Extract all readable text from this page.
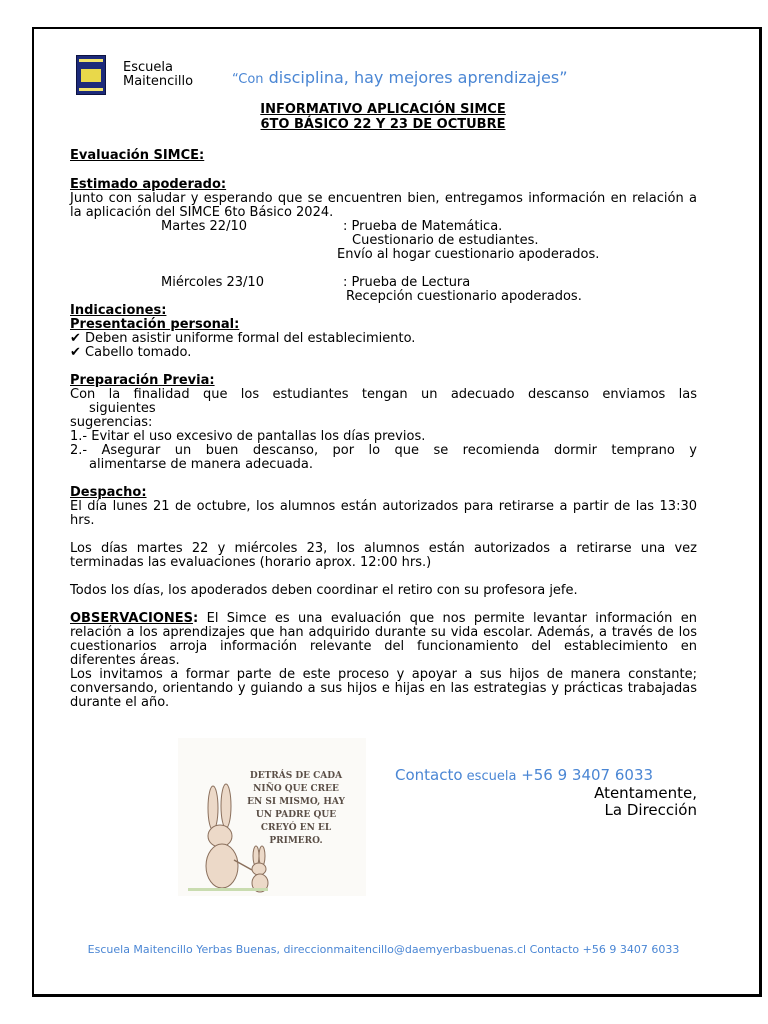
Escuela
Maitencillo	“Con disciplina, hay mejores aprendizajes”
INFORMATIVO APLICACIÓN SIMCE
6TO BÁSICO 22 Y 23 DE OCTUBRE
Evaluación SIMCE:
Estimado apoderado:
Junto con saludar y esperando que se encuentren bien, entregamos información en relación a la aplicación del SIMCE 6to Básico 2024.
Martes 22/10	: Prueba de Matemática.
Cuestionario de estudiantes.
Envío al hogar cuestionario apoderados.
Miércoles 23/10	: Prueba de Lectura
Recepción cuestionario apoderados.
Indicaciones:
Presentación personal:
✔ Deben asistir uniforme formal del establecimiento.
✔ Cabello tomado.
Preparación Previa:
Con la finalidad que los estudiantes tengan un adecuado descanso enviamos las
siguientes
sugerencias:
1.- Evitar el uso excesivo de pantallas los días previos.
2.- Asegurar un buen descanso, por lo que se recomienda dormir temprano y
alimentarse de manera adecuada.
Despacho:
El día lunes 21 de octubre, los alumnos están autorizados para retirarse a partir de las 13:30 hrs.
Los días martes 22 y miércoles 23, los alumnos están autorizados a retirarse una vez terminadas las evaluaciones (horario aprox. 12:00 hrs.)
Todos los días, los apoderados deben coordinar el retiro con su profesora jefe.
OBSERVACIONES: El Simce es una evaluación que nos permite levantar información en relación a los aprendizajes que han adquirido durante su vida escolar. Además, a través de los cuestionarios arroja información relevante del funcionamiento del establecimiento en diferentes áreas.
Los invitamos a formar parte de este proceso y apoyar a sus hijos de manera constante; conversando, orientando y guiando a sus hijos e hijas en las estrategias y prácticas trabajadas durante el año.
DETRÁS DE CADA
NIÑO QUE CREE
EN SI MISMO, HAY
UN PADRE QUE
CREYÓ EN EL
PRIMERO.
Contacto escuela +56 9 3407 6033
Atentamente,
La Dirección
Escuela Maitencillo Yerbas Buenas, direccionmaitencillo@daemyerbasbuenas.cl Contacto +56 9 3407 6033
